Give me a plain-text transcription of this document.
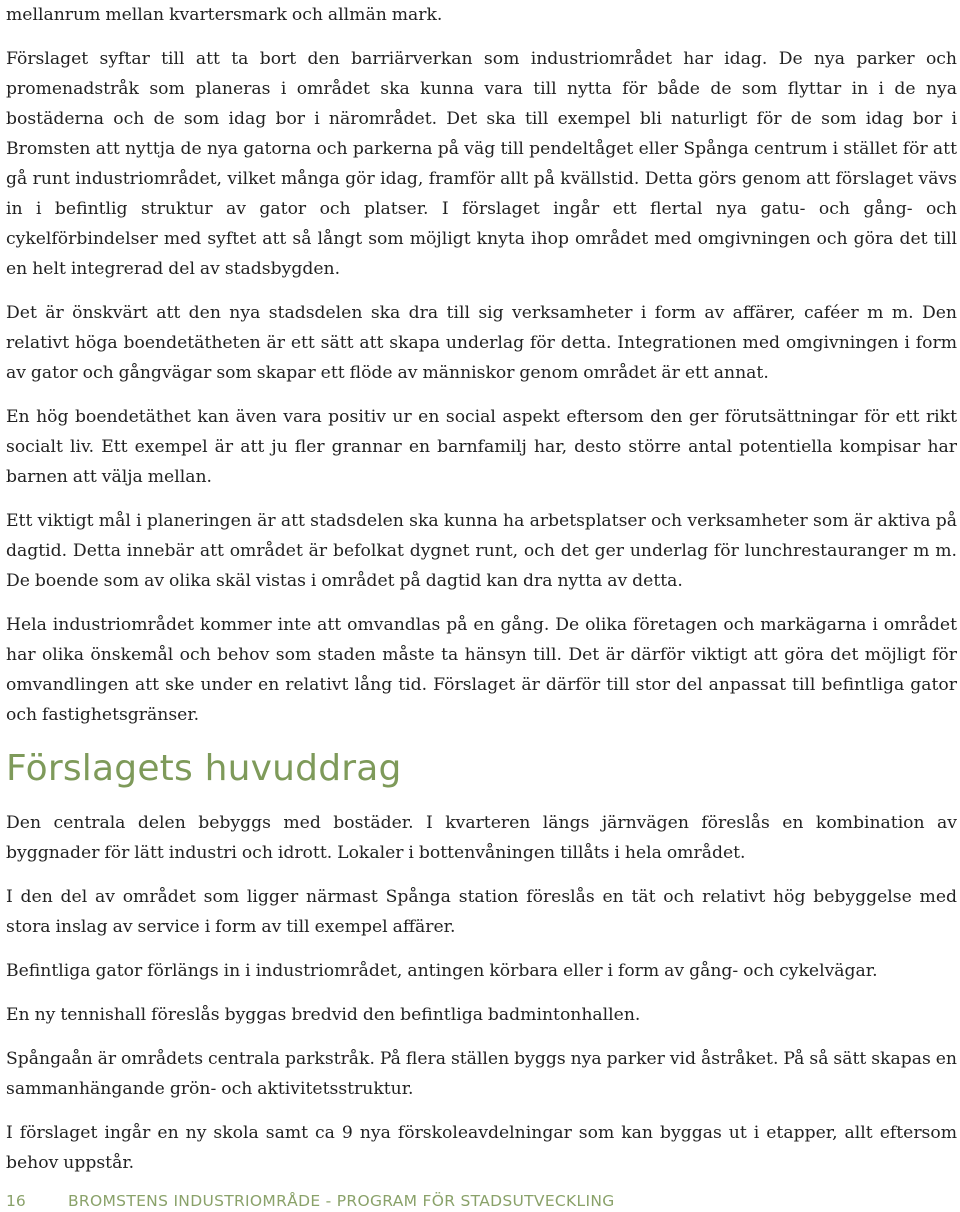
mellanrum mellan kvartersmark och allmän mark.

Förslaget syftar till att ta bort den barriärverkan som industriområdet har idag. De nya parker och promenadstråk som planeras i området ska kunna vara till nytta för både de som flyttar in i de nya bostäderna och de som idag bor i närområdet. Det ska till exempel bli naturligt för de som idag bor i Bromsten att nyttja de nya gatorna och parkerna på väg till pendeltåget eller Spånga centrum i stället för att gå runt industriområdet, vilket många gör idag, framför allt på kvällstid. Detta görs genom att förslaget vävs in i befintlig struktur av gator och platser. I förslaget ingår ett flertal nya gatu- och gång- och cykelförbindelser med syftet att så långt som möjligt knyta ihop området med omgivningen och göra det till en helt integrerad del av stadsbygden.

Det är önskvärt att den nya stadsdelen ska dra till sig verksamheter i form av affärer, caféer m m. Den relativt höga boendetätheten är ett sätt att skapa underlag för detta. Integrationen med omgivningen i form av gator och gångvägar som skapar ett flöde av människor genom området är ett annat.

En hög boendetäthet kan även vara positiv ur en social aspekt eftersom den ger förutsättningar för ett rikt socialt liv. Ett exempel är att ju fler grannar en barnfamilj har, desto större antal potentiella kompisar har barnen att välja mellan.

Ett viktigt mål i planeringen är att stadsdelen ska kunna ha arbetsplatser och verksamheter som är aktiva på dagtid. Detta innebär att området är befolkat dygnet runt, och det ger underlag för lunchrestauranger m m. De boende som av olika skäl vistas i området på dagtid kan dra nytta av detta.

Hela industriområdet kommer inte att omvandlas på en gång. De olika företagen och markägarna i området har olika önskemål och behov som staden måste ta hänsyn till. Det är därför viktigt att göra det möjligt för omvandlingen att ske under en relativt lång tid. Förslaget är därför till stor del anpassat till befintliga gator och fastighetsgränser.

Förslagets huvuddrag

Den centrala delen bebyggs med bostäder. I kvarteren längs järnvägen föreslås en kombination av byggnader för lätt industri och idrott. Lokaler i bottenvåningen tillåts i hela området.

I den del av området som ligger närmast Spånga station föreslås en tät och relativt hög bebyggelse med stora inslag av service i form av till exempel affärer.

Befintliga gator förlängs in i industriområdet, antingen körbara eller i form av gång- och cykelvägar.

En ny tennishall föreslås byggas bredvid den befintliga badmintonhallen.

Spångaån är områdets centrala parkstråk. På flera ställen byggs nya parker vid åstråket. På så sätt skapas en sammanhängande grön- och aktivitetsstruktur.

I förslaget ingår en ny skola samt ca 9 nya förskoleavdelningar som kan byggas ut i etapper, allt eftersom behov uppstår.

16	BROMSTENS INDUSTRIOMRÅDE - PROGRAM FÖR STADSUTVECKLING
